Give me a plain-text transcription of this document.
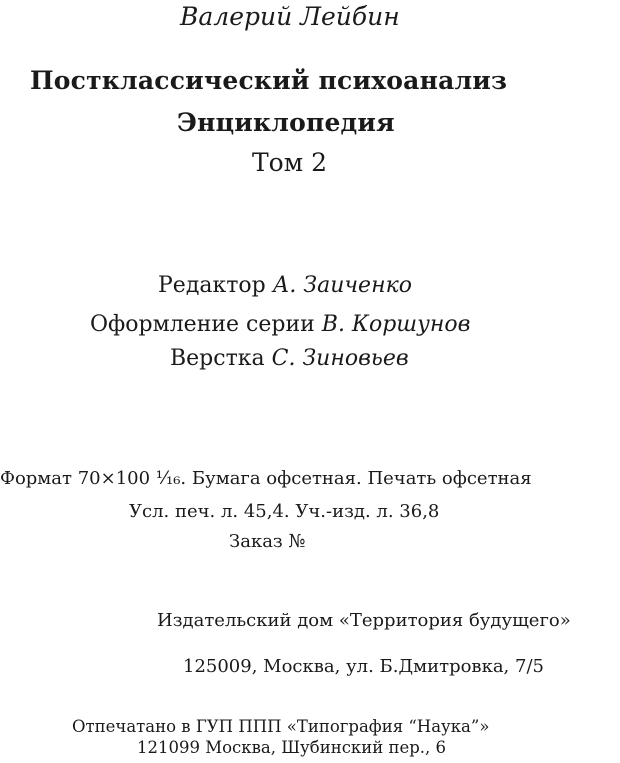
Валерий Лейбин
Постклассический психоанализ
Энциклопедия
Том 2
Редактор А. Заиченко
Оформление серии В. Коршунов
Верстка С. Зиновьев
Формат 70×100 ¹⁄₁₆. Бумага офсетная. Печать офсетная
Усл. печ. л. 45,4. Уч.-изд. л. 36,8
Заказ №
Издательский дом «Территория будущего»
125009, Москва, ул. Б.Дмитровка, 7/5
Отпечатано в ГУП ППП «Типография “Наука”»
121099 Москва, Шубинский пер., 6
